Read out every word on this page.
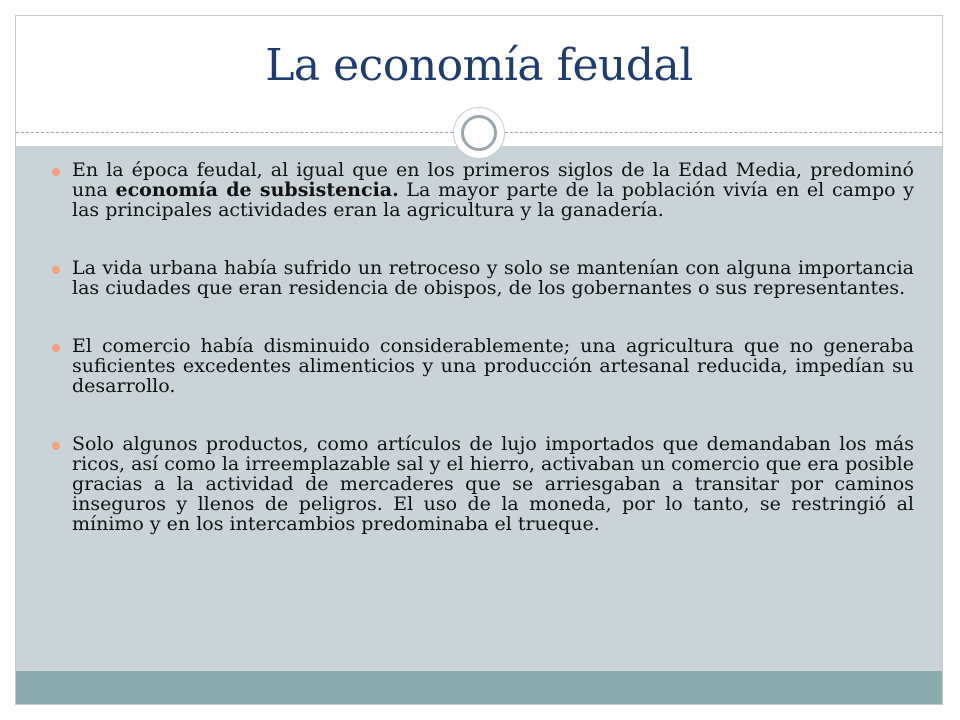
La economía feudal
En la época feudal, al igual que en los primeros siglos de la Edad Media, predominó una economía de subsistencia. La mayor parte de la población vivía en el campo y las principales actividades eran la agricultura y la ganadería.
La vida urbana había sufrido un retroceso y solo se mantenían con alguna importancia las ciudades que eran residencia de obispos, de los gobernantes o sus representantes.
El comercio había disminuido considerablemente; una agricultura que no generaba suficientes excedentes alimenticios y una producción artesanal reducida, impedían su desarrollo.
Solo algunos productos, como artículos de lujo importados que demandaban los más ricos, así como la irreemplazable sal y el hierro, activaban un comercio que era posible gracias a la actividad de mercaderes que se arriesgaban a transitar por caminos inseguros y llenos de peligros. El uso de la moneda, por lo tanto, se restringió al mínimo y en los intercambios predominaba el trueque.
